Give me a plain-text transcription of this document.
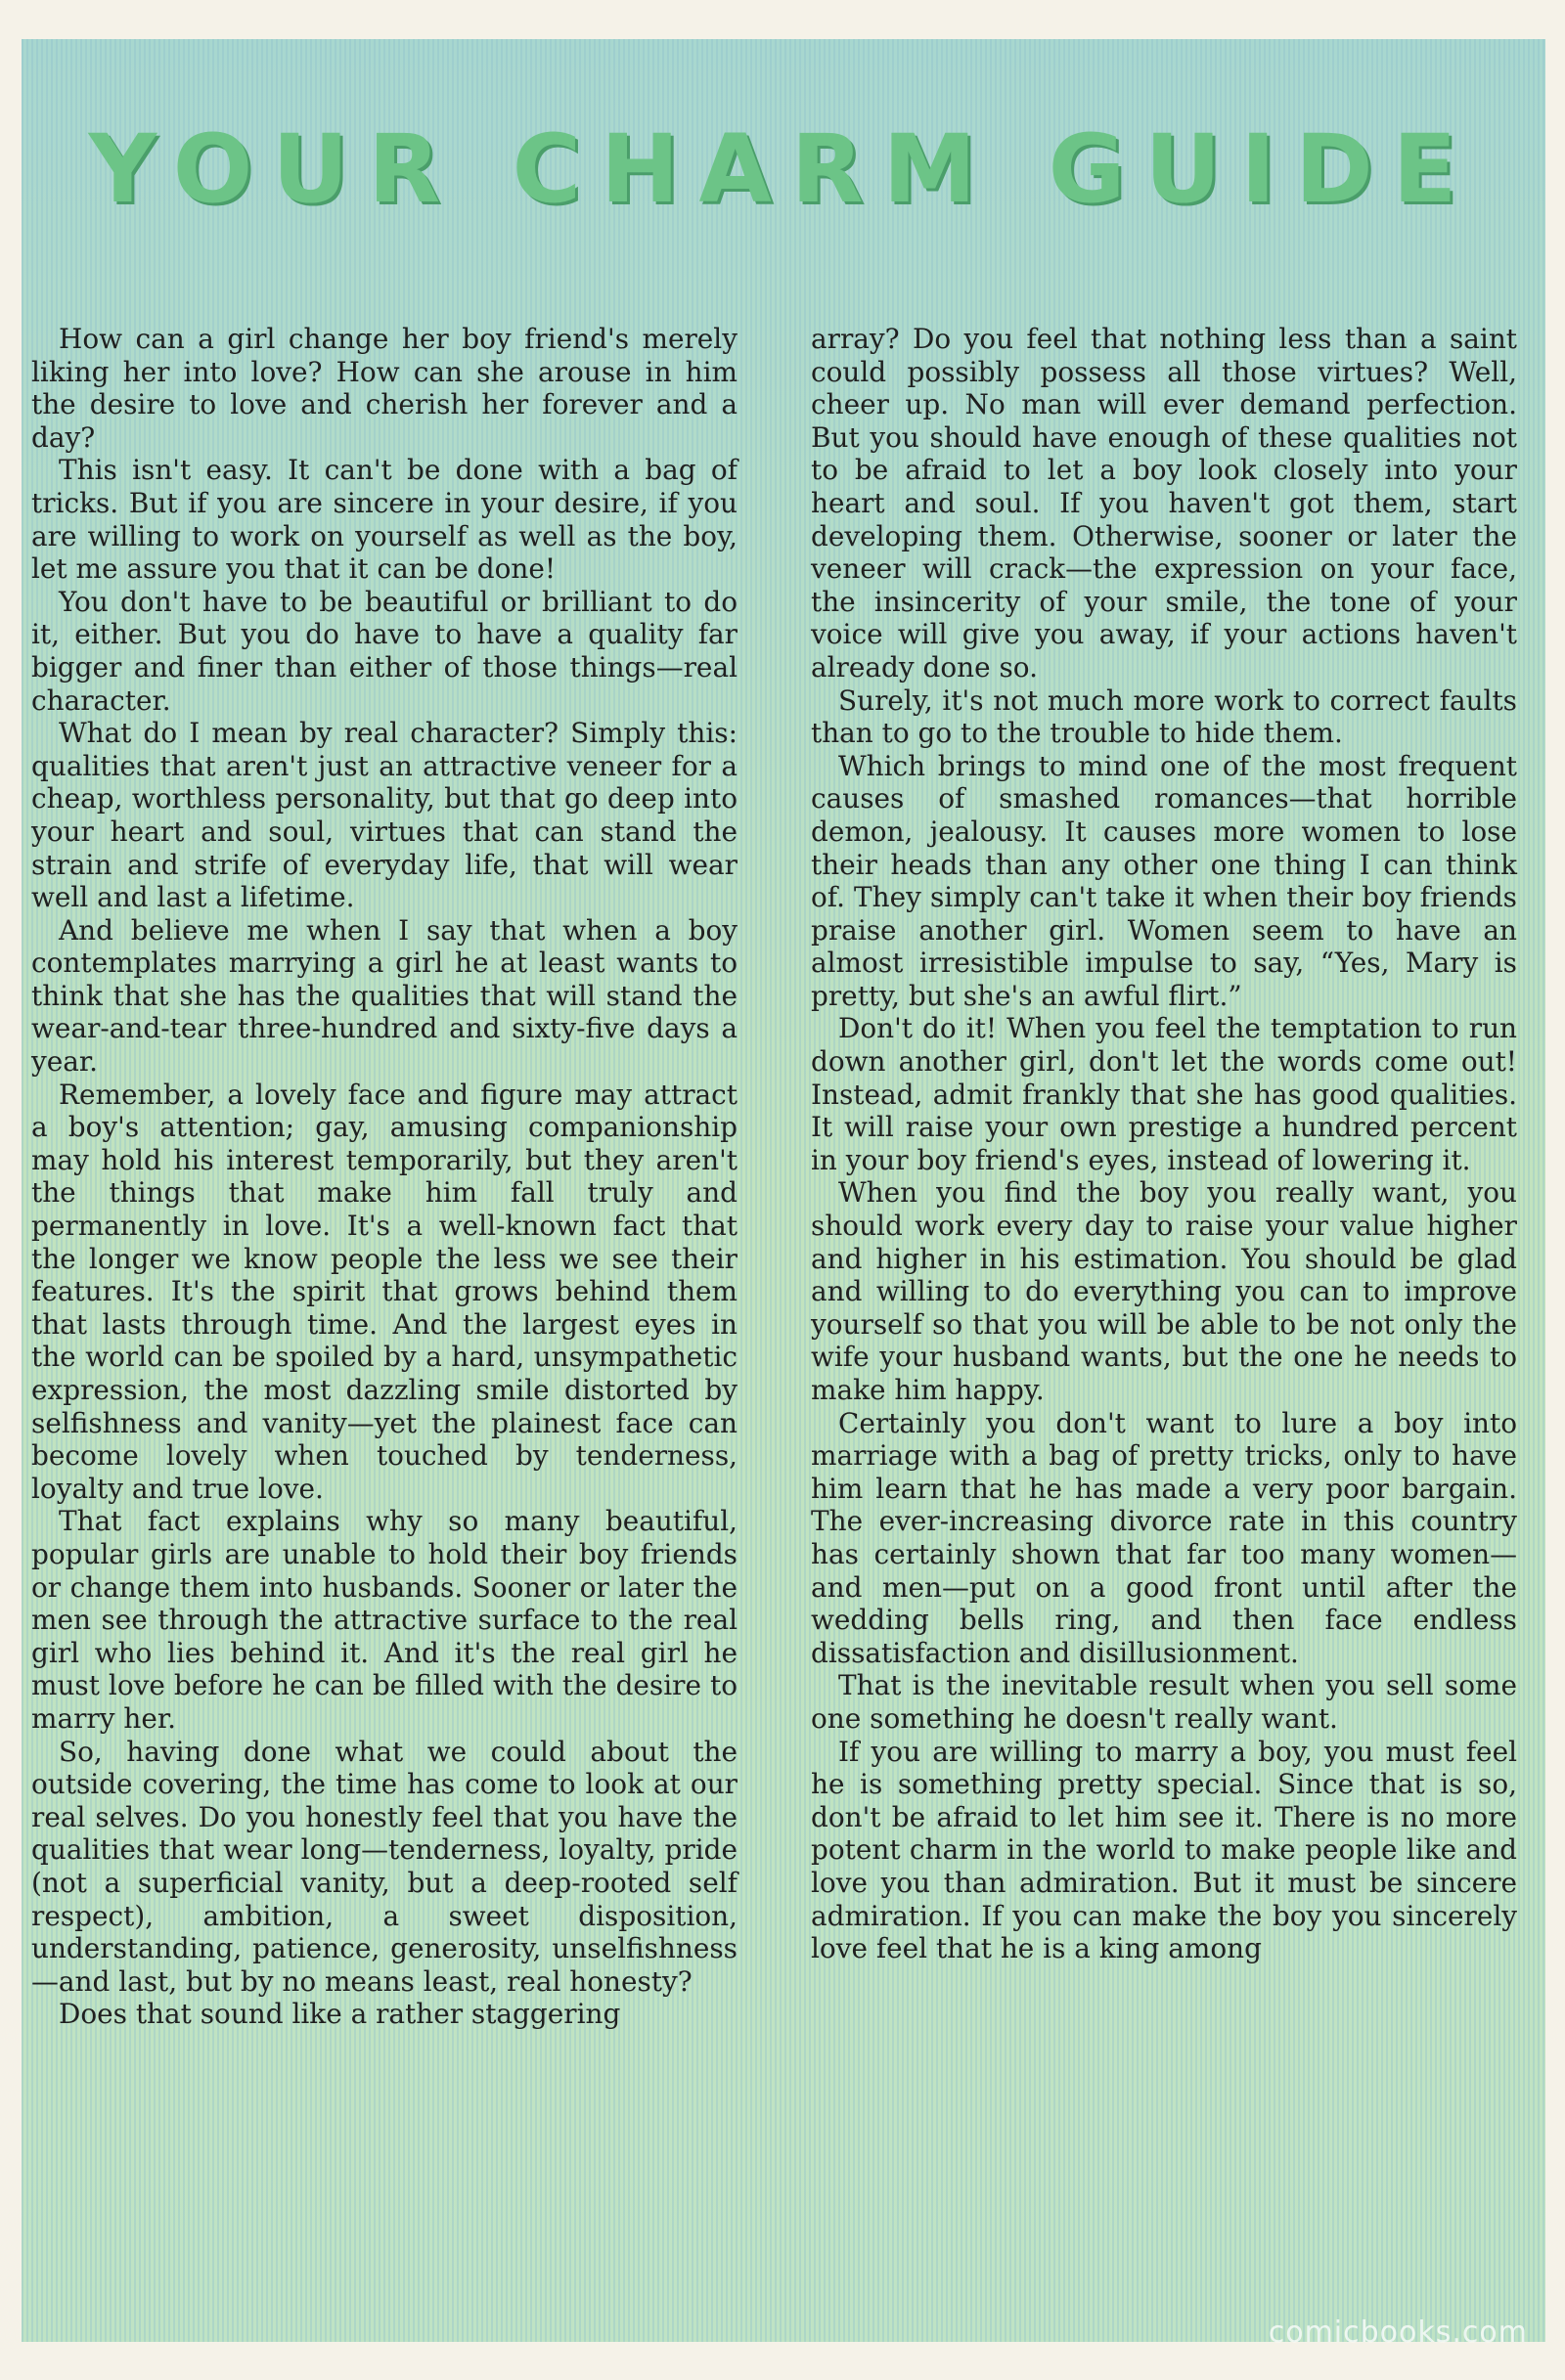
YOUR CHARM GUIDE

How can a girl change her boy friend's merely liking her into love? How can she arouse in him the desire to love and cherish her forever and a day?

This isn't easy. It can't be done with a bag of tricks. But if you are sincere in your desire, if you are willing to work on yourself as well as the boy, let me assure you that it can be done!

You don't have to be beautiful or brilliant to do it, either. But you do have to have a quality far bigger and finer than either of those things—real character.

What do I mean by real character? Simply this: qualities that aren't just an attractive veneer for a cheap, worthless personality, but that go deep into your heart and soul, virtues that can stand the strain and strife of everyday life, that will wear well and last a lifetime.

And believe me when I say that when a boy contemplates marrying a girl he at least wants to think that she has the qualities that will stand the wear-and-tear three-hundred and sixty-five days a year.

Remember, a lovely face and figure may attract a boy's attention; gay, amusing companionship may hold his interest temporarily, but they aren't the things that make him fall truly and permanently in love. It's a well-known fact that the longer we know people the less we see their features. It's the spirit that grows behind them that lasts through time. And the largest eyes in the world can be spoiled by a hard, unsympathetic expression, the most dazzling smile distorted by selfishness and vanity—yet the plainest face can become lovely when touched by tenderness, loyalty and true love.

That fact explains why so many beautiful, popular girls are unable to hold their boy friends or change them into husbands. Sooner or later the men see through the attractive surface to the real girl who lies behind it. And it's the real girl he must love before he can be filled with the desire to marry her.

So, having done what we could about the outside covering, the time has come to look at our real selves. Do you honestly feel that you have the qualities that wear long—tenderness, loyalty, pride (not a superficial vanity, but a deep-rooted self respect), ambition, a sweet disposition, understanding, patience, generosity, unselfishness—and last, but by no means least, real honesty?

Does that sound like a rather staggering

array? Do you feel that nothing less than a saint could possibly possess all those virtues? Well, cheer up. No man will ever demand perfection. But you should have enough of these qualities not to be afraid to let a boy look closely into your heart and soul. If you haven't got them, start developing them. Otherwise, sooner or later the veneer will crack—the expression on your face, the insincerity of your smile, the tone of your voice will give you away, if your actions haven't already done so.

Surely, it's not much more work to correct faults than to go to the trouble to hide them.

Which brings to mind one of the most frequent causes of smashed romances—that horrible demon, jealousy. It causes more women to lose their heads than any other one thing I can think of. They simply can't take it when their boy friends praise another girl. Women seem to have an almost irresistible impulse to say, “Yes, Mary is pretty, but she's an awful flirt.”

Don't do it! When you feel the temptation to run down another girl, don't let the words come out! Instead, admit frankly that she has good qualities. It will raise your own prestige a hundred percent in your boy friend's eyes, instead of lowering it.

When you find the boy you really want, you should work every day to raise your value higher and higher in his estimation. You should be glad and willing to do everything you can to improve yourself so that you will be able to be not only the wife your husband wants, but the one he needs to make him happy.

Certainly you don't want to lure a boy into marriage with a bag of pretty tricks, only to have him learn that he has made a very poor bargain. The ever-increasing divorce rate in this country has certainly shown that far too many women—and men—put on a good front until after the wedding bells ring, and then face endless dissatisfaction and disillusionment.

That is the inevitable result when you sell some one something he doesn't really want.

If you are willing to marry a boy, you must feel he is something pretty special. Since that is so, don't be afraid to let him see it. There is no more potent charm in the world to make people like and love you than admiration. But it must be sincere admiration. If you can make the boy you sincerely love feel that he is a king among

comicbooks.com
